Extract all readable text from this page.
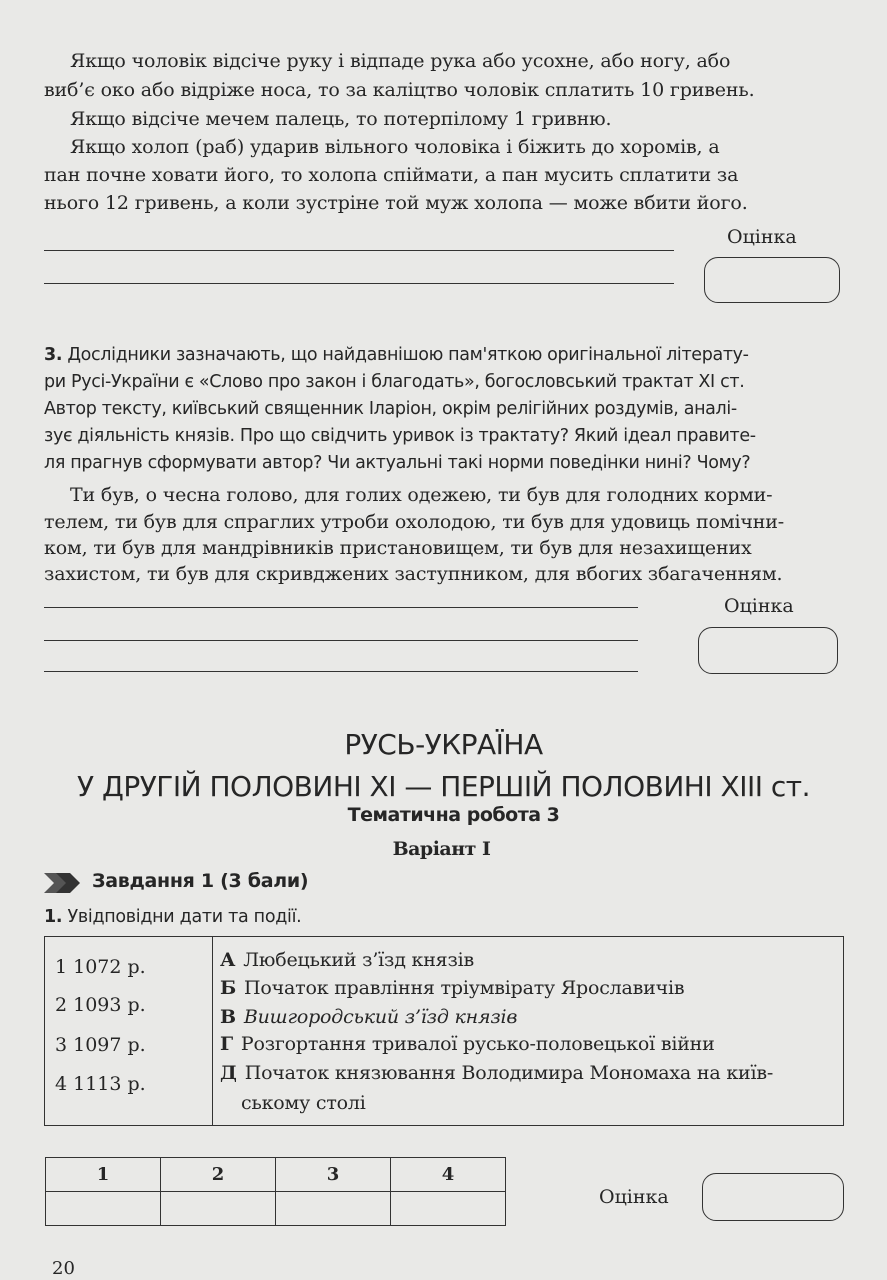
Якщо чоловік відсіче руку і відпаде рука або усохне, або ногу, або
виб’є око або відріже носа, то за каліцтво чоловік сплатить 10 гривень.
Якщо відсіче мечем палець, то потерпілому 1 гривню.
Якщо холоп (раб) ударив вільного чоловіка і біжить до хоромів, а
пан почне ховати його, то холопа спіймати, а пан мусить сплатити за
нього 12 гривень, а коли зустріне той муж холопа — може вбити його.
Оцінка
3. Дослідники зазначають, що найдавнішою пам'яткою оригінальної літерату-
ри Русі-України є «Слово про закон і благодать», богословський трактат XI ст.
Автор тексту, київський священник Іларіон, окрім релігійних роздумів, аналі-
зує діяльність князів. Про що свідчить уривок із трактату? Який ідеал правите-
ля прагнув сформувати автор? Чи актуальні такі норми поведінки нині? Чому?
Ти був, о чесна голово, для голих одежею, ти був для голодних корми-
телем, ти був для спраглих утроби охолодою, ти був для удовиць помічни-
ком, ти був для мандрівників пристановищем, ти був для незахищених
захистом, ти був для скривджених заступником, для вбогих збагаченням.
Оцінка
РУСЬ-УКРАЇНА
У ДРУГІЙ ПОЛОВИНІ XI — ПЕРШІЙ ПОЛОВИНІ XIII ст.
Тематична робота 3
Варіант І
Завдання 1 (3 бали)
1. Увідповідни дати та події.
1 1072 р.
2 1093 р.
3 1097 р.
4 1113 р.
А Любецький з’їзд князів
Б Початок правління тріумвірату Ярославичів
В Вишгородський з’їзд князів
Г Розгортання тривалої русько-половецької війни
Д Початок князювання Володимира Мономаха на київ-
ському столі
1	2	3	4

Оцінка
20
